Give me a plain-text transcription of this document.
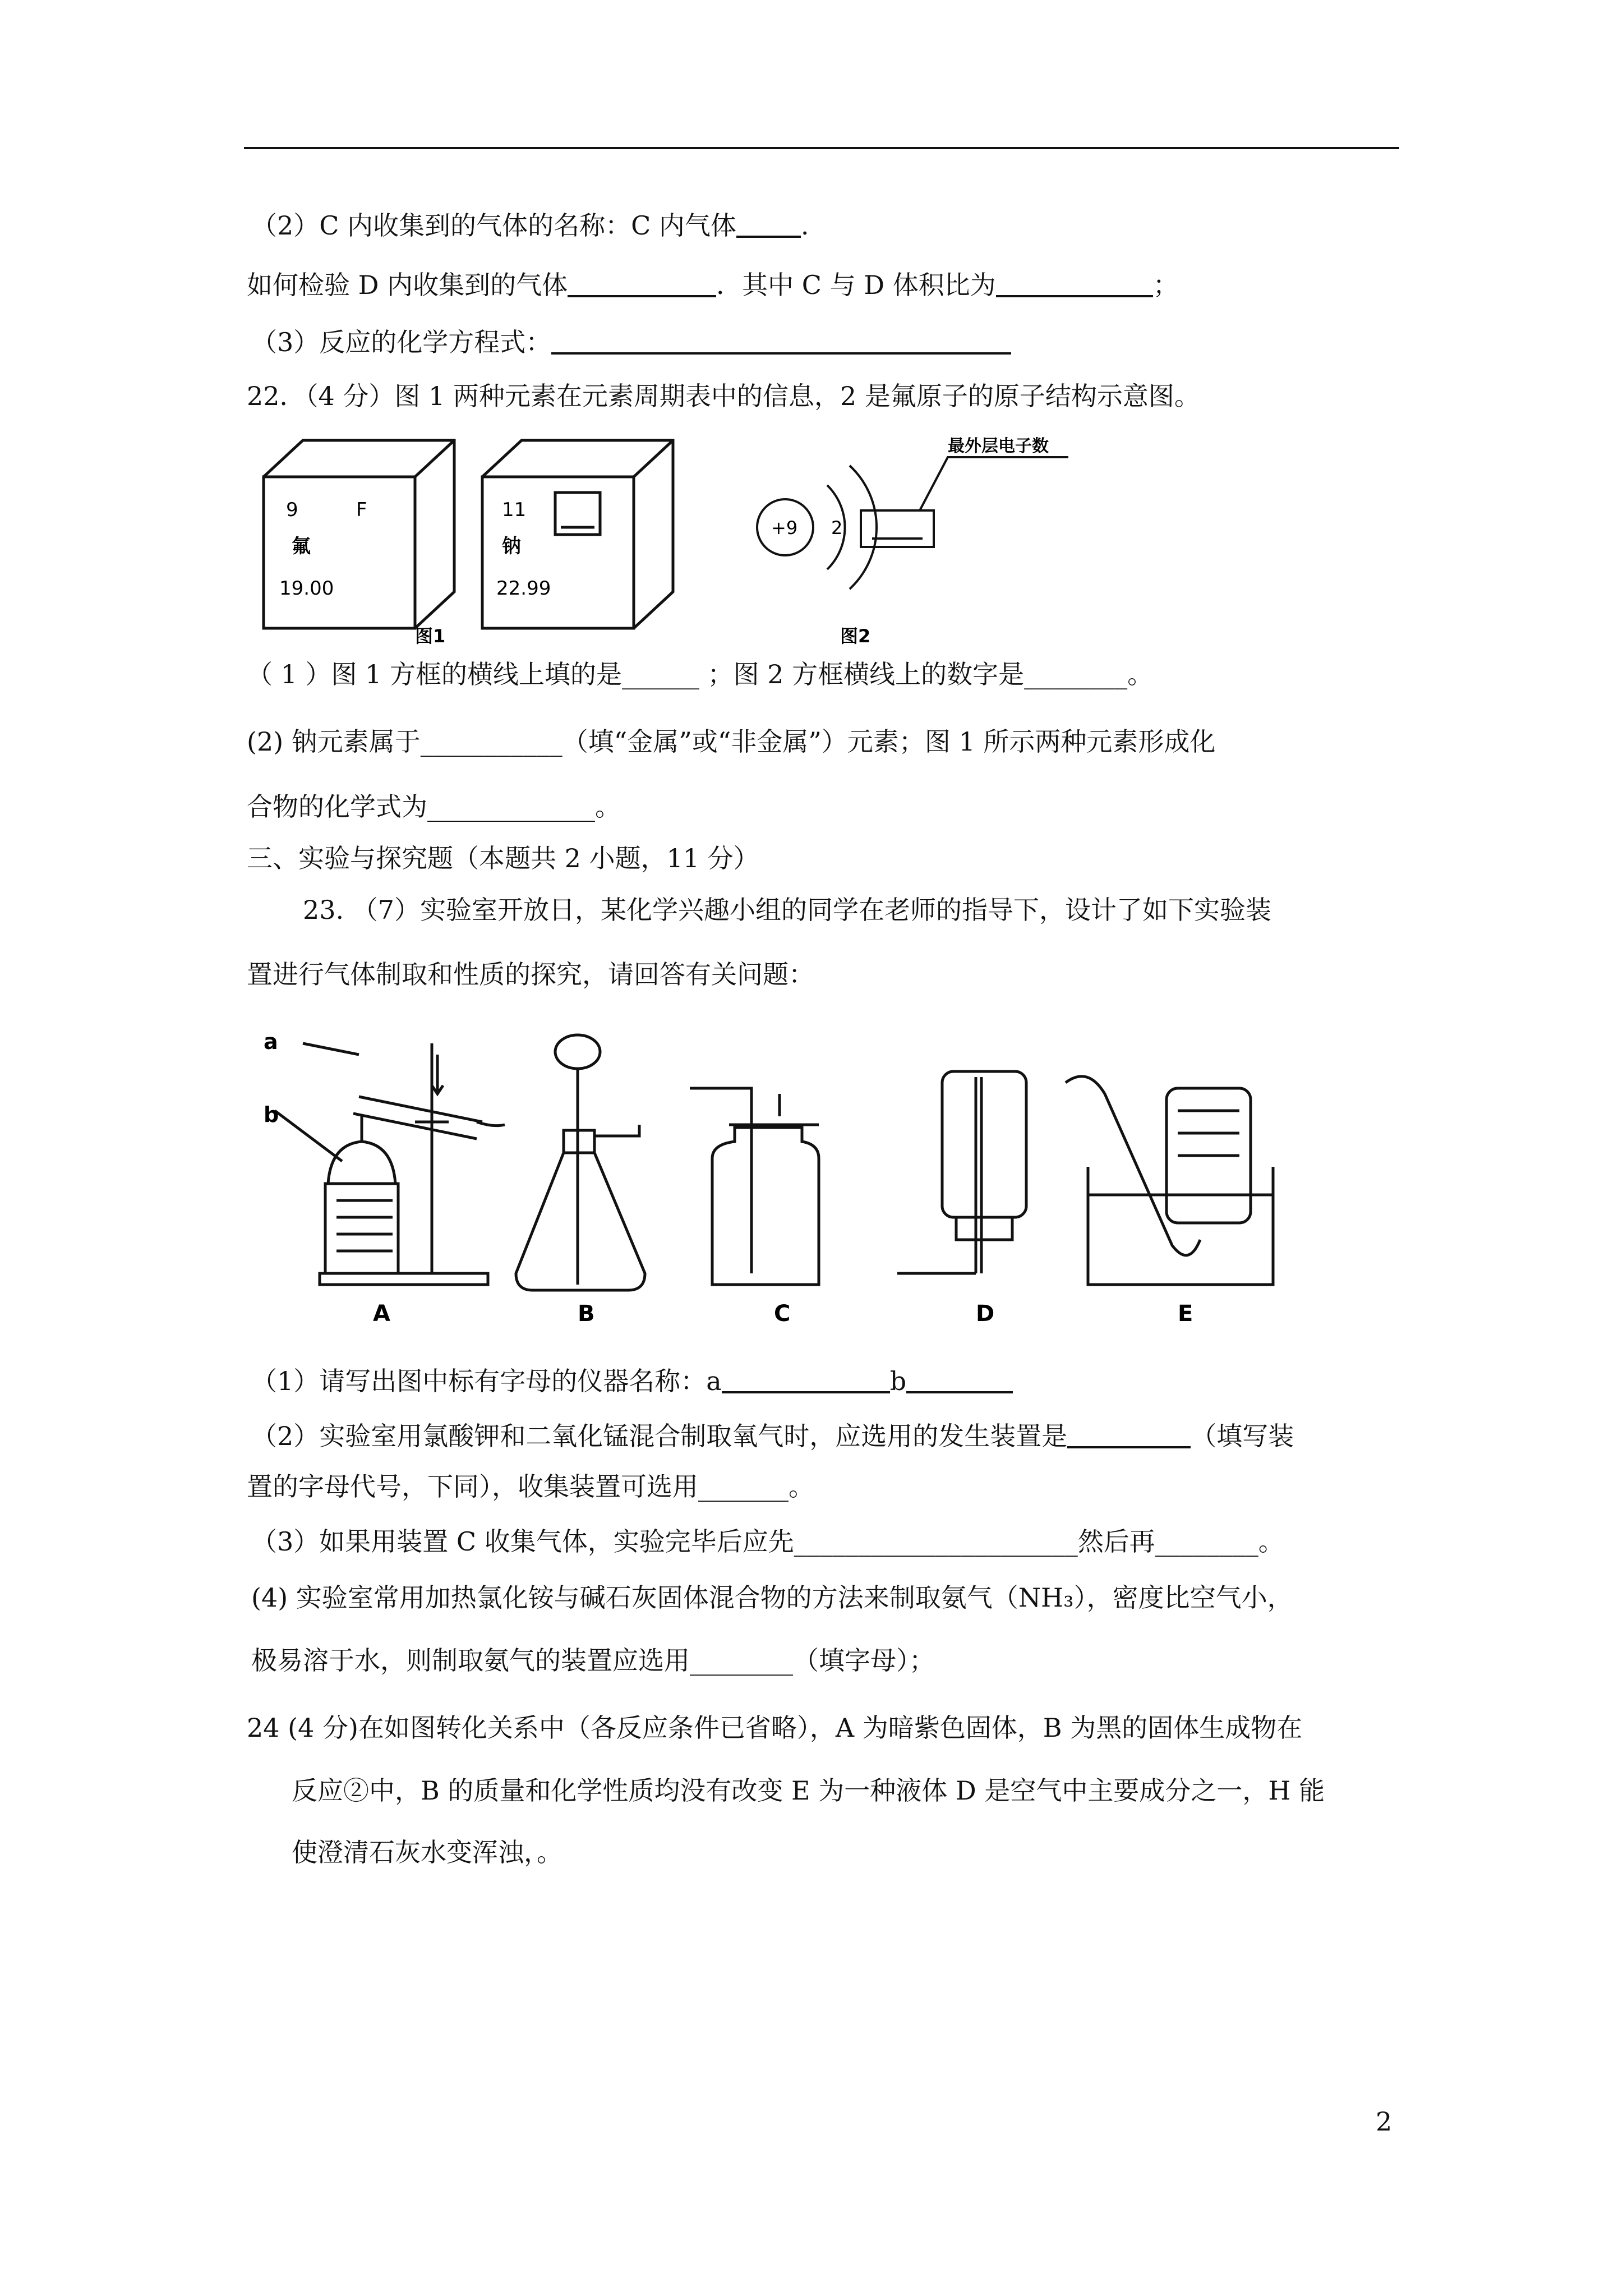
（2）C 内收集到的气体的名称：C 内气体	.
如何检验 D 内收集到的气体	．其中 C 与 D 体积比为	；
（3）反应的化学方程式：
22．（4 分）图 1 两种元素在元素周期表中的信息，2 是氟原子的原子结构示意图。
9	F
氟
19.00
11
钠
22.99
图1
+9 2
最外层电子数
图2
（ 1 ）图 1 方框的横线上填的是______ ；图 2 方框横线上的数字是________。
(2) 钠元素属于___________（填“金属”或“非金属”）元素；图 1 所示两种元素形成化
合物的化学式为_____________。
三、实验与探究题（本题共 2 小题，11 分）
23. （7）实验室开放日，某化学兴趣小组的同学在老师的指导下，设计了如下实验装
置进行气体制取和性质的探究，请回答有关问题：
a
b
A	B	C	D	E
（1）请写出图中标有字母的仪器名称：a	b
（2）实验室用氯酸钾和二氧化锰混合制取氧气时，应选用的发生装置是	（填写装
置的字母代号，下同），收集装置可选用_______。
（3）如果用装置 C 收集气体，实验完毕后应先______________________然后再________。
(4) 实验室常用加热氯化铵与碱石灰固体混合物的方法来制取氨气（NH₃），密度比空气小，
极易溶于水，则制取氨气的装置应选用________（填字母）；
24 (4 分)在如图转化关系中（各反应条件已省略），A 为暗紫色固体，B 为黑的固体生成物在
反应②中，B 的质量和化学性质均没有改变 E 为一种液体 D 是空气中主要成分之一，H 能
使澄清石灰水变浑浊，。
2
